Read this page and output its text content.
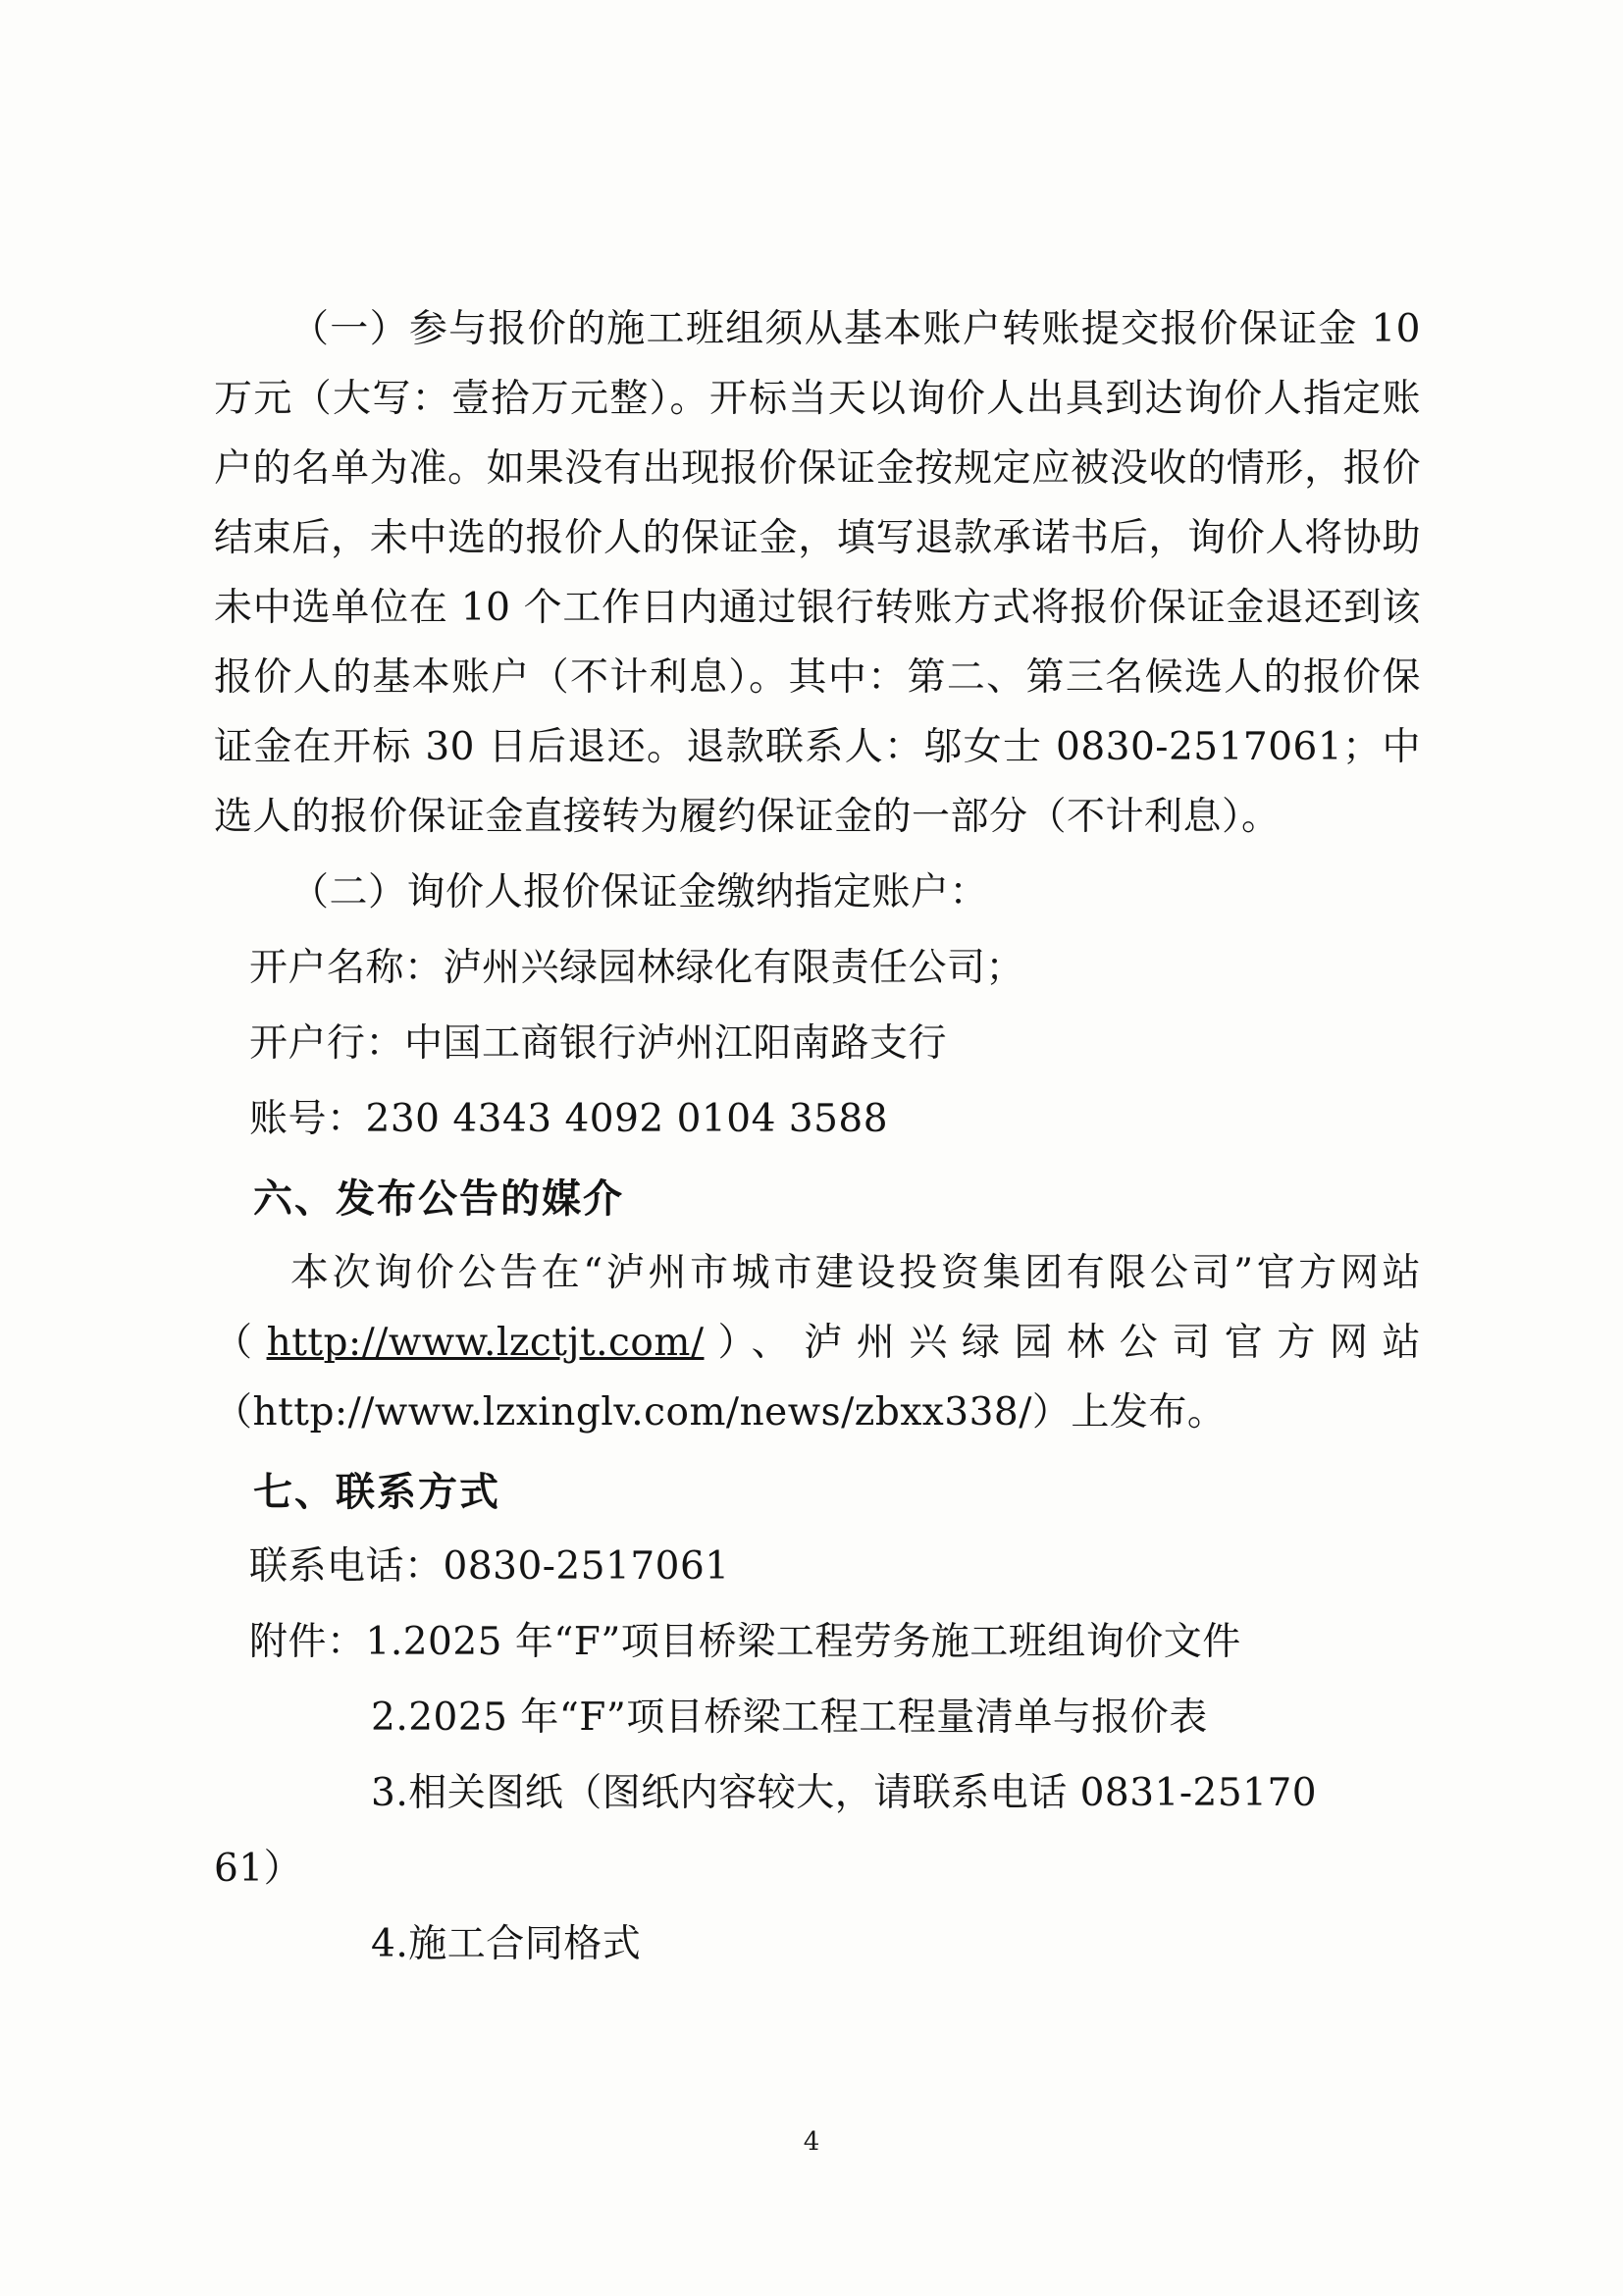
（一）参与报价的施工班组须从基本账户转账提交报价保证金 10 万元（大写：壹拾万元整）。开标当天以询价人出具到达询价人指定账户的名单为准。如果没有出现报价保证金按规定应被没收的情形，报价结束后，未中选的报价人的保证金，填写退款承诺书后，询价人将协助未中选单位在 10 个工作日内通过银行转账方式将报价保证金退还到该报价人的基本账户（不计利息）。其中：第二、第三名候选人的报价保证金在开标 30 日后退还。退款联系人：邬女士 0830-2517061；中选人的报价保证金直接转为履约保证金的一部分（不计利息）。

（二）询价人报价保证金缴纳指定账户：

开户名称：泸州兴绿园林绿化有限责任公司；

开户行：中国工商银行泸州江阳南路支行

账号：230 4343 4092 0104 3588

六、发布公告的媒介

本次询价公告在“泸州市城市建设投资集团有限公司”官方网站（http://www.lzctjt.com/）、泸州兴绿园林公司官方网站（http://www.lzxinglv.com/news/zbxx338/）上发布。

七、联系方式

联系电话：0830-2517061

附件：1.2025 年“F”项目桥梁工程劳务施工班组询价文件

2.2025 年“F”项目桥梁工程工程量清单与报价表

3.相关图纸（图纸内容较大，请联系电话 0831-25170

61）

4.施工合同格式

4
